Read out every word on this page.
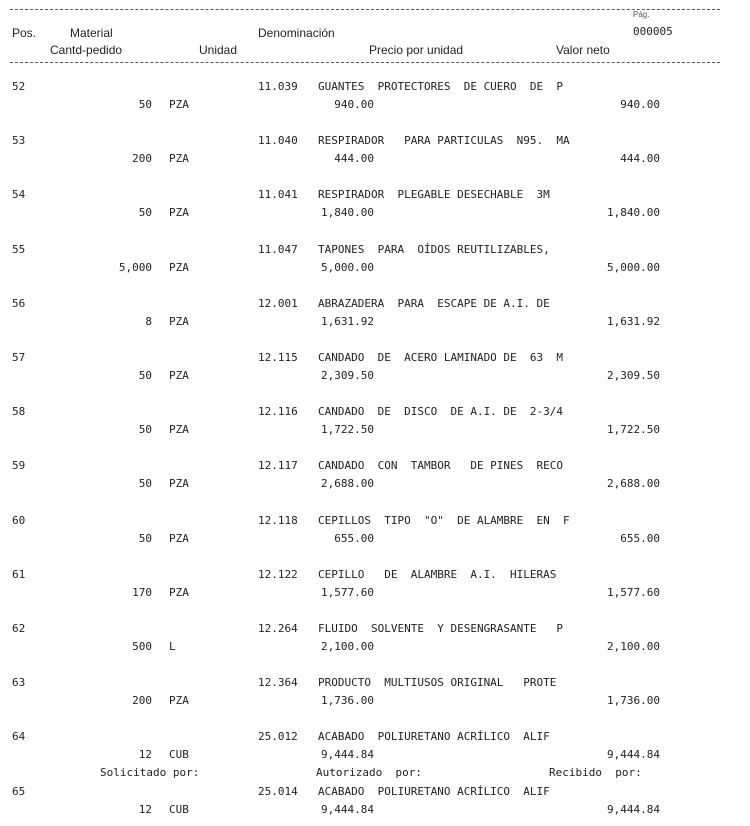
Pág.
Pos.	Material	Denominación	000005
Cantd-pedido	Unidad	Precio por unidad	Valor neto
52	11.039 GUANTES  PROTECTORES  DE CUERO  DE  P
50 PZA	940.00	940.00
53	11.040 RESPIRADOR   PARA PARTICULAS  N95.  MA
200 PZA	444.00	444.00
54	11.041 RESPIRADOR  PLEGABLE DESECHABLE  3M
50 PZA	1,840.00	1,840.00
55	11.047 TAPONES  PARA  OÍDOS REUTILIZABLES,
5,000 PZA	5,000.00	5,000.00
56	12.001 ABRAZADERA  PARA  ESCAPE DE A.I. DE
8 PZA	1,631.92	1,631.92
57	12.115 CANDADO  DE  ACERO LAMINADO DE  63  M
50 PZA	2,309.50	2,309.50
58	12.116 CANDADO  DE  DISCO  DE A.I. DE  2-3/4
50 PZA	1,722.50	1,722.50
59	12.117 CANDADO  CON  TAMBOR   DE PINES  RECO
50 PZA	2,688.00	2,688.00
60	12.118 CEPILLOS  TIPO  "O"  DE ALAMBRE  EN  F
50 PZA	655.00	655.00
61	12.122 CEPILLO   DE  ALAMBRE  A.I.  HILERAS
170 PZA	1,577.60	1,577.60
62	12.264 FLUIDO  SOLVENTE  Y DESENGRASANTE   P
500 L	2,100.00	2,100.00
63	12.364 PRODUCTO  MULTIUSOS ORIGINAL   PROTE
200 PZA	1,736.00	1,736.00
64	25.012 ACABADO  POLIURETANO ACRÍLICO  ALIF
12 CUB	9,444.84	9,444.84
65	25.014 ACABADO  POLIURETANO ACRÍLICO  ALIF
12 CUB	9,444.84	9,444.84
Solicitado por:	Autorizado  por:	Recibido  por:
